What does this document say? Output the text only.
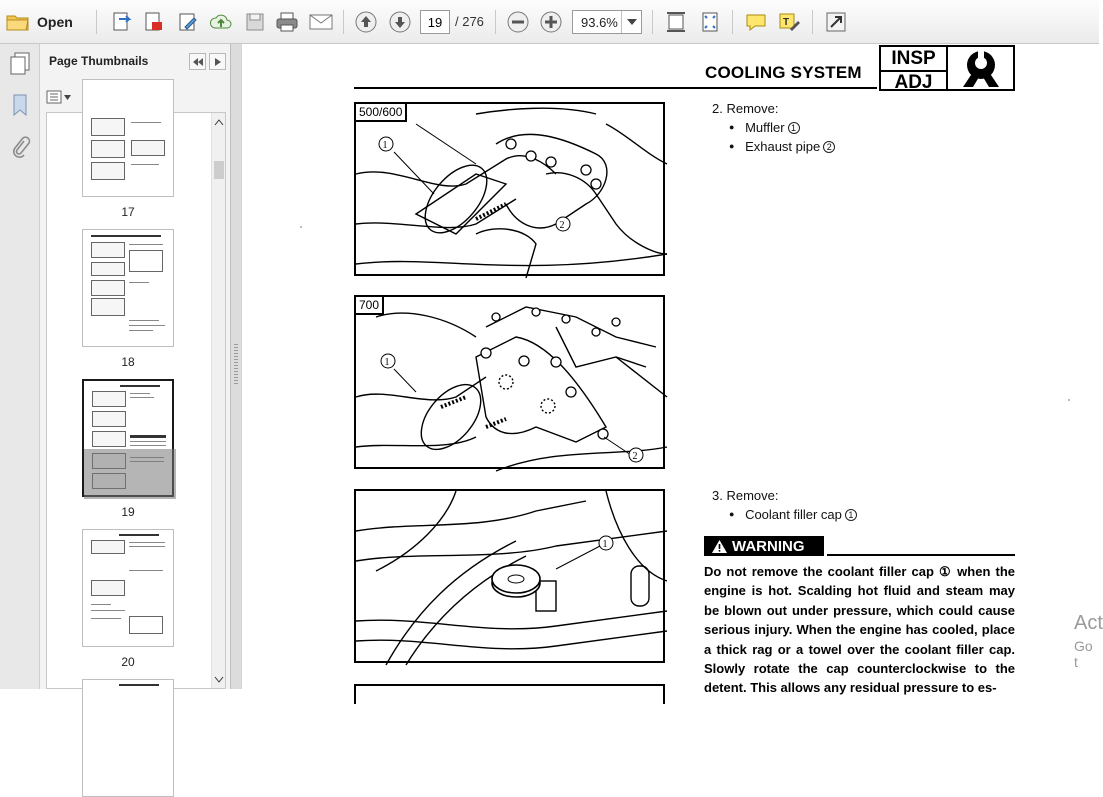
Open
19	/ 276	93.6%	T
Page Thumbnails
17
18
19
20
COOLING SYSTEM
INSP
ADJ
500/600
1
2
700
1
2
1
2. Remove:
● Muffler 1
● Exhaust pipe 2
3. Remove:
● Coolant filler cap 1
WARNING
Do not remove the coolant filler cap ① when the engine is hot. Scalding hot fluid and steam may be blown out under pressure, which could cause serious injury. When the engine has cooled, place a thick rag or a towel over the coolant filler cap. Slowly rotate the cap counterclockwise to the detent. This allows any residual pressure to es-
Act
Go t
